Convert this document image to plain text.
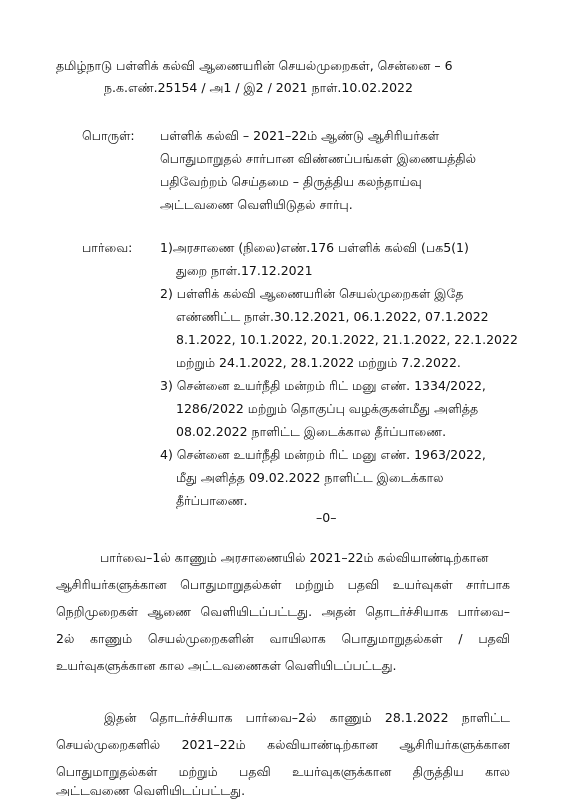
தமிழ்நாடு பள்ளிக் கல்வி ஆணையரின் செயல்முறைகள், சென்னை – 6
ந.க.எண்.25154 / அ1 / இ2 / 2021 நாள்.10.02.2022
பொருள்: பள்ளிக் கல்வி – 2021–22ம் ஆண்டு ஆசிரியர்கள்
பொதுமாறுதல் சார்பான விண்ணப்பங்கள் இணையத்தில்
பதிவேற்றம் செய்தமை – திருத்திய கலந்தாய்வு
அட்டவணை வெளியிடுதல் சார்பு.
பார்வை: 1)அரசாணை (நிலை)எண்.176 பள்ளிக் கல்வி (பக5(1)
துறை நாள்.17.12.2021
2) பள்ளிக் கல்வி ஆணையரின் செயல்முறைகள் இதே
எண்ணிட்ட நாள்.30.12.2021, 06.1.2022, 07.1.2022
8.1.2022, 10.1.2022, 20.1.2022, 21.1.2022, 22.1.2022
மற்றும் 24.1.2022, 28.1.2022 மற்றும் 7.2.2022.
3) சென்னை உயர்நீதி மன்றம் ரிட் மனு எண். 1334/2022,
1286/2022 மற்றும் தொகுப்பு வழக்குகள்மீது அளித்த
08.02.2022 நாளிட்ட இடைக்கால தீர்ப்பாணை.
4) சென்னை உயர்நீதி மன்றம் ரிட் மனு எண். 1963/2022,
மீது அளித்த 09.02.2022 நாளிட்ட இடைக்கால
தீர்ப்பாணை.
–0–
பார்வை–1ல் காணும் அரசாணையில் 2021–22ம் கல்வியாண்டிற்கான
ஆசிரியர்களுக்கான பொதுமாறுதல்கள் மற்றும் பதவி உயர்வுகள் சார்பாக
நெறிமுறைகள் ஆணை வெளியிடப்பட்டது. அதன் தொடர்ச்சியாக பார்வை–
2ல் காணும் செயல்முறைகளின் வாயிலாக பொதுமாறுதல்கள் / பதவி
உயர்வுகளுக்கான கால அட்டவணைகள் வெளியிடப்பட்டது.
இதன் தொடர்ச்சியாக பார்வை–2ல் காணும் 28.1.2022 நாளிட்ட
செயல்முறைகளில் 2021–22ம் கல்வியாண்டிற்கான ஆசிரியர்களுக்கான
பொதுமாறுதல்கள் மற்றும் பதவி உயர்வுகளுக்கான திருத்திய கால
அட்டவணை வெளியிடப்பட்டது.
